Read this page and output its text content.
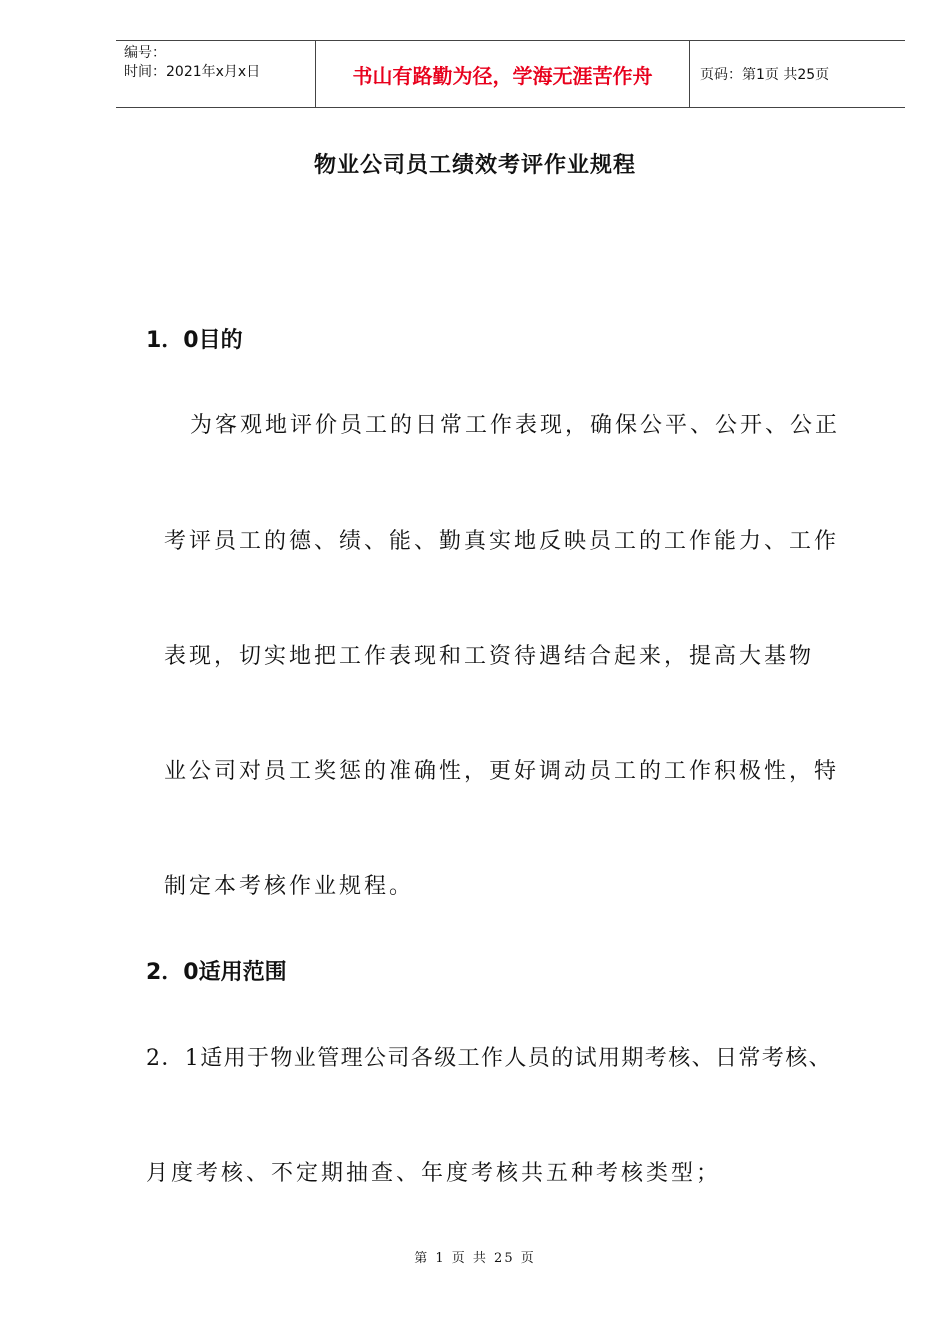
编号：
时间：2021年x月x日	书山有路勤为径，学海无涯苦作舟	页码：第1页 共25页
物业公司员工绩效考评作业规程
1．0目的
为客观地评价员工的日常工作表现，确保公平、公开、公正
考评员工的德、绩、能、勤真实地反映员工的工作能力、工作
表现，切实地把工作表现和工资待遇结合起来，提高大基物
业公司对员工奖惩的准确性，更好调动员工的工作积极性，特
制定本考核作业规程。
2．0适用范围
2．1适用于物业管理公司各级工作人员的试用期考核、日常考核、
月度考核、不定期抽查、年度考核共五种考核类型；
第 1 页 共 25 页
